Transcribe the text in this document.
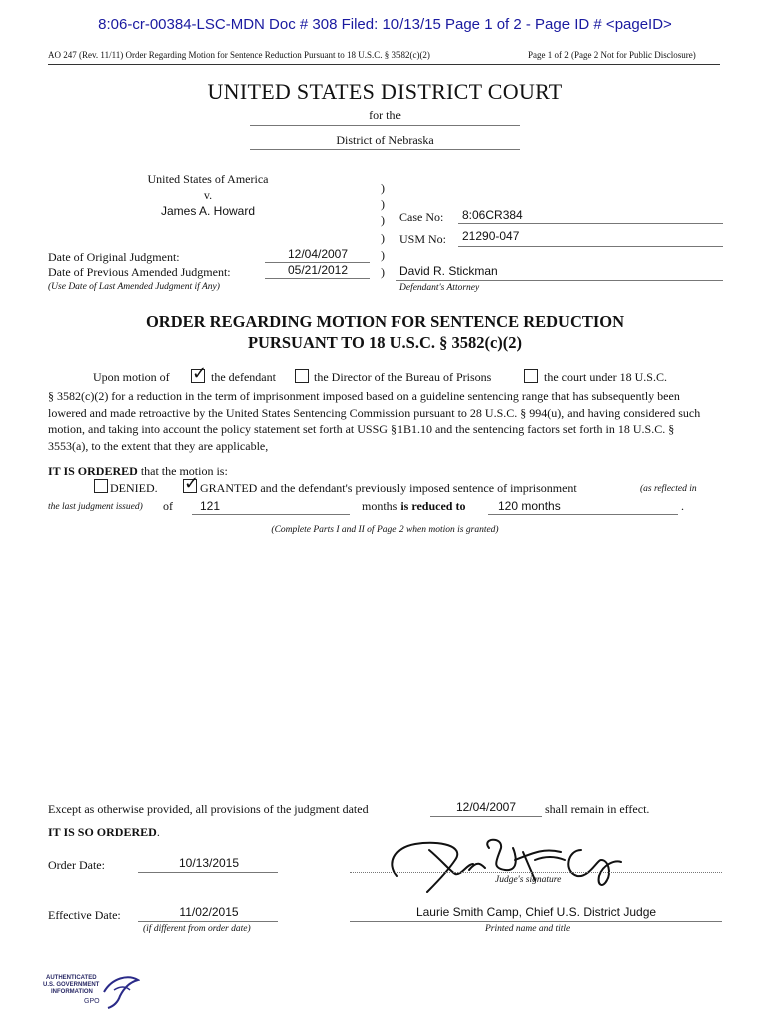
8:06-cr-00384-LSC-MDN Doc # 308 Filed: 10/13/15 Page 1 of 2 - Page ID # <pageID>
AO 247 (Rev. 11/11) Order Regarding Motion for Sentence Reduction Pursuant to 18 U.S.C. § 3582(c)(2)	Page 1 of 2 (Page 2 Not for Public Disclosure)
UNITED STATES DISTRICT COURT
for the
District of Nebraska
United States of America
v.
James A. Howard
Date of Original Judgment:	12/04/2007
Date of Previous Amended Judgment:	05/21/2012
(Use Date of Last Amended Judgment if Any)
)
)
)
)
)
)
Case No: 8:06CR384
USM No: 21290-047
David R. Stickman
Defendant's Attorney
ORDER REGARDING MOTION FOR SENTENCE REDUCTION
PURSUANT TO 18 U.S.C. § 3582(c)(2)
Upon motion of ✓ the defendant	the Director of the Bureau of Prisons	the court under 18 U.S.C.
§ 3582(c)(2) for a reduction in the term of imprisonment imposed based on a guideline sentencing range that has subsequently been lowered and made retroactive by the United States Sentencing Commission pursuant to 28 U.S.C. § 994(u), and having considered such motion, and taking into account the policy statement set forth at USSG §1B1.10 and the sentencing factors set forth in 18 U.S.C. § 3553(a), to the extent that they are applicable,
IT IS ORDERED that the motion is:
DENIED. ✓ GRANTED and the defendant's previously imposed sentence of imprisonment	(as reflected in
the last judgment issued) of 121	months is reduced to	120 months	.
(Complete Parts I and II of Page 2 when motion is granted)
Except as otherwise provided, all provisions of the judgment dated	12/04/2007	shall remain in effect.
IT IS SO ORDERED.
Order Date:	10/13/2015
Judge's signature
Effective Date:	11/02/2015
(if different from order date)
Laurie Smith Camp, Chief U.S. District Judge
Printed name and title
AUTHENTICATED
U.S. GOVERNMENT
INFORMATION
GPO
